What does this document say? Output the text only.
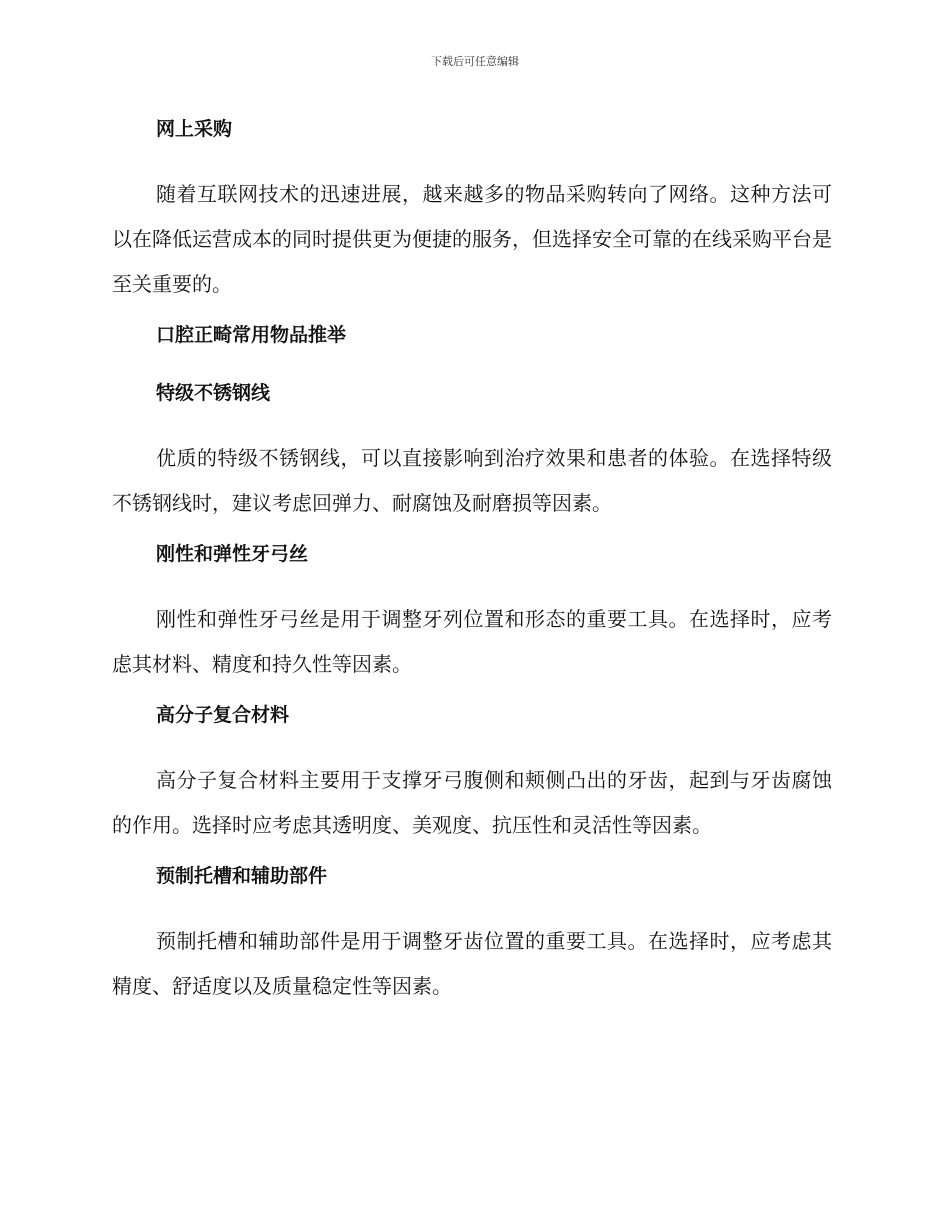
下载后可任意编辑
网上采购

随着互联网技术的迅速进展，越来越多的物品采购转向了网络。这种方法可以在降低运营成本的同时提供更为便捷的服务，但选择安全可靠的在线采购平台是至关重要的。

口腔正畸常用物品推举
特级不锈钢线

优质的特级不锈钢线，可以直接影响到治疗效果和患者的体验。在选择特级不锈钢线时，建议考虑回弹力、耐腐蚀及耐磨损等因素。

刚性和弹性牙弓丝

刚性和弹性牙弓丝是用于调整牙列位置和形态的重要工具。在选择时，应考虑其材料、精度和持久性等因素。

高分子复合材料

高分子复合材料主要用于支撑牙弓腹侧和颊侧凸出的牙齿，起到与牙齿腐蚀的作用。选择时应考虑其透明度、美观度、抗压性和灵活性等因素。

预制托槽和辅助部件

预制托槽和辅助部件是用于调整牙齿位置的重要工具。在选择时，应考虑其精度、舒适度以及质量稳定性等因素。
